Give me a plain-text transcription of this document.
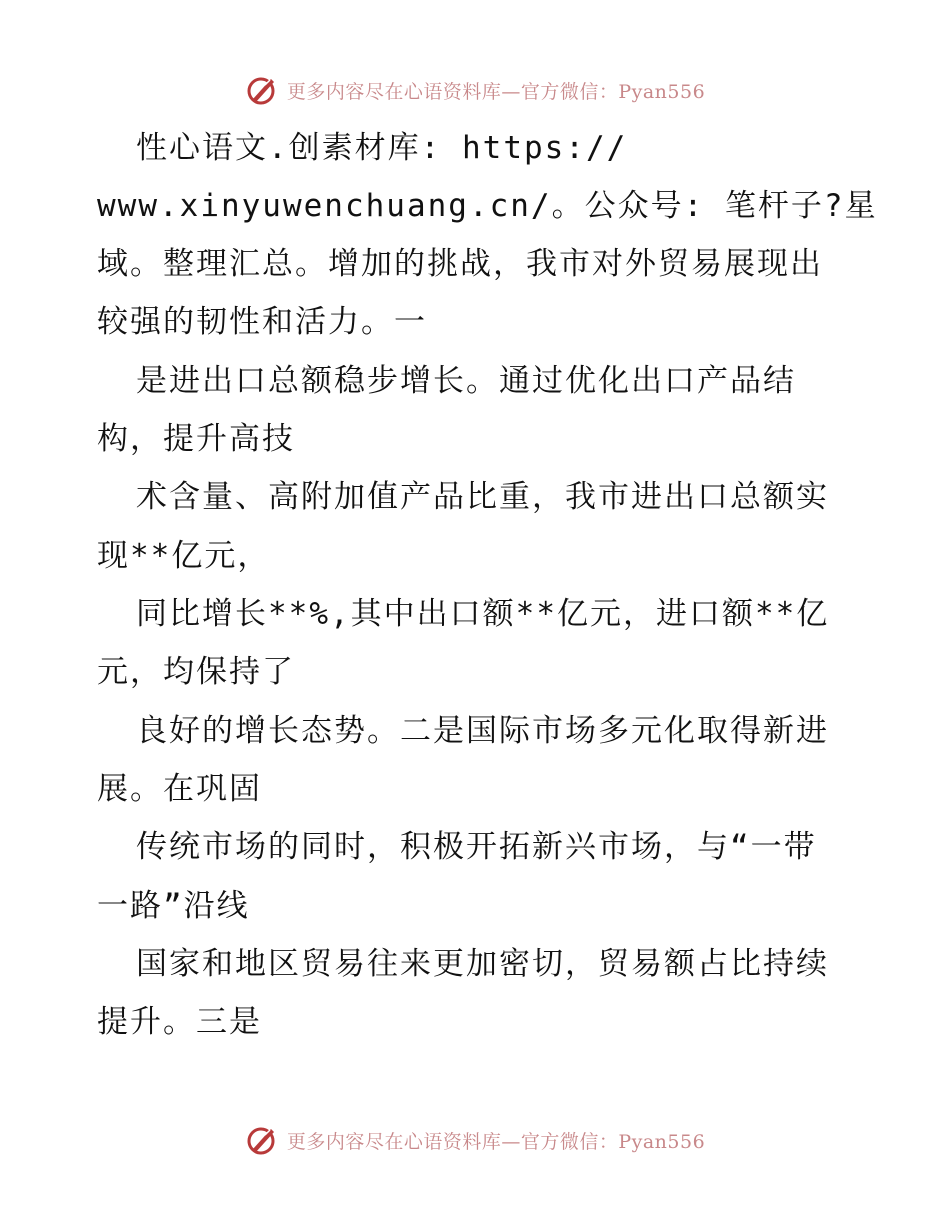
更多内容尽在心语资料库—官方微信：Pyan556
性心语文.创素材库: https://
www.xinyuwenchuang.cn/。公众号: 笔杆子?星
域。整理汇总。增加的挑战，我市对外贸易展现出
较强的韧性和活力。一
是进出口总额稳步增长。通过优化出口产品结
构，提升高技
术含量、高附加值产品比重，我市进出口总额实
现**亿元，
同比增长**%,其中出口额**亿元，进口额**亿
元，均保持了
良好的增长态势。二是国际市场多元化取得新进
展。在巩固
传统市场的同时，积极开拓新兴市场，与“一带
一路”沿线
国家和地区贸易往来更加密切，贸易额占比持续
提升。三是
更多内容尽在心语资料库—官方微信：Pyan556
